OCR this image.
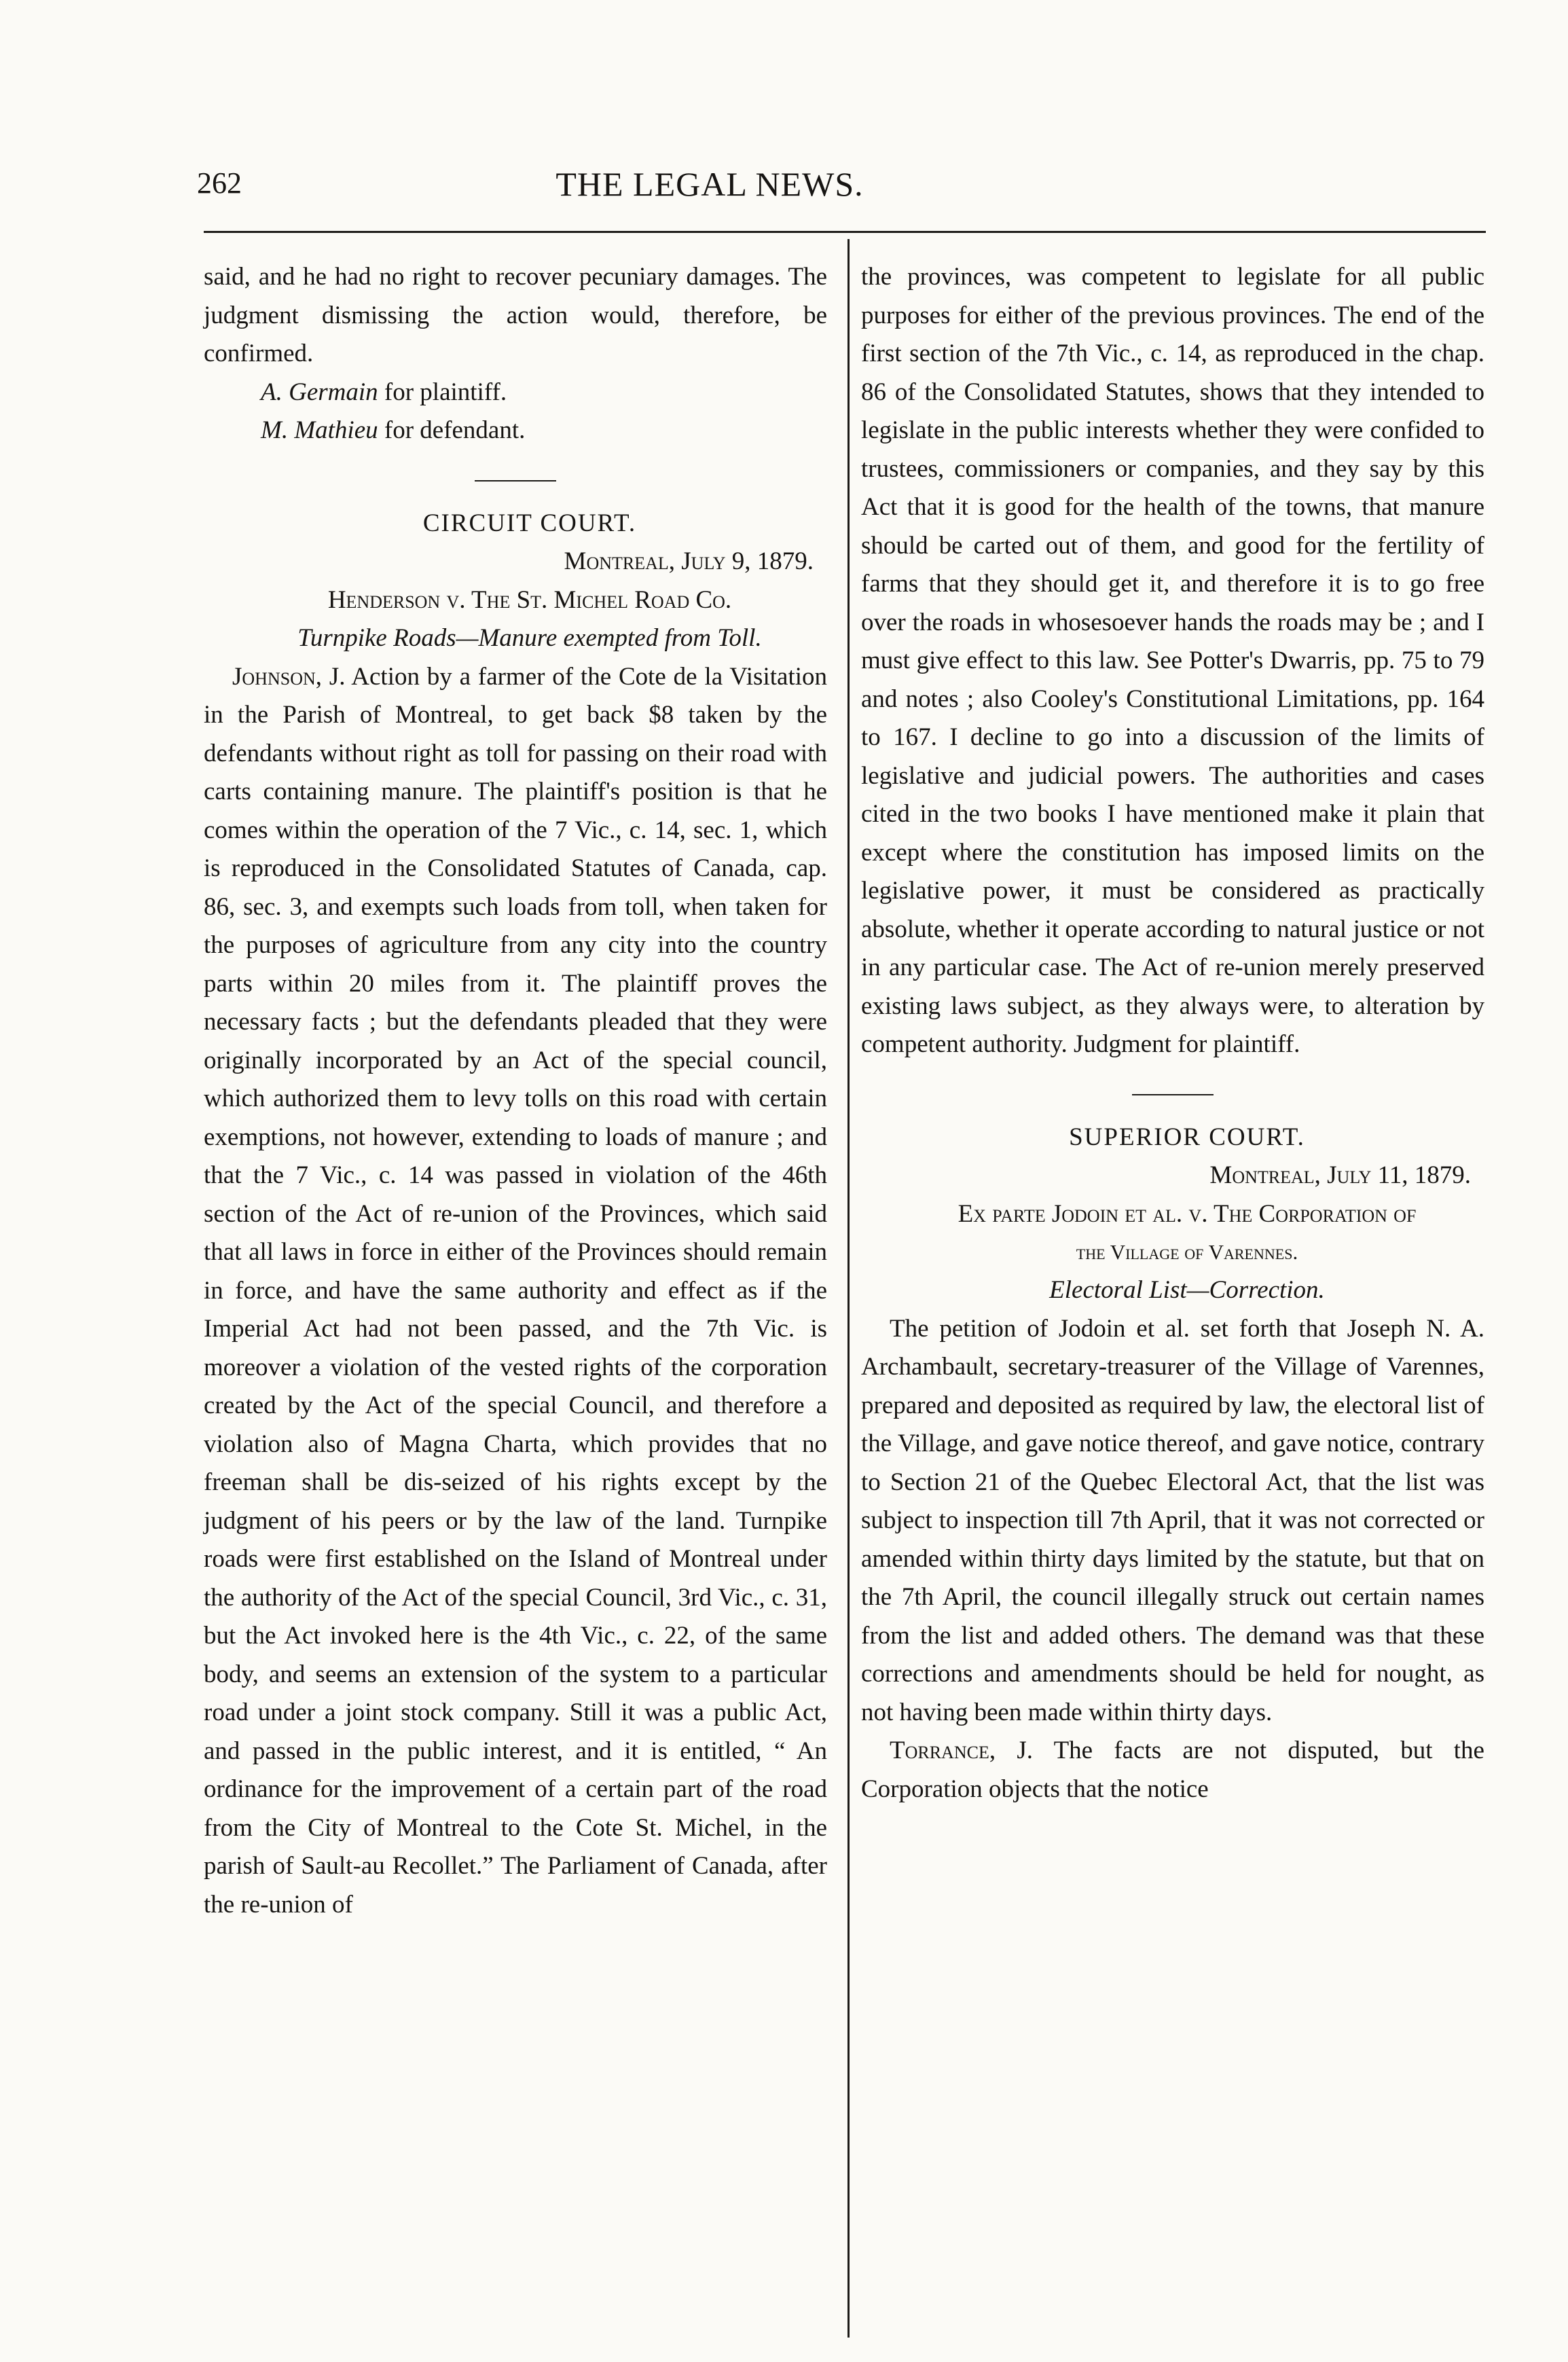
262	THE LEGAL NEWS.

said, and he had no right to recover pecuniary damages. The judgment dismissing the action would, therefore, be confirmed.

A. Germain for plaintiff.

M. Mathieu for defendant.

CIRCUIT COURT.

Montreal, July 9, 1879.

Henderson v. The St. Michel Road Co.

Turnpike Roads—Manure exempted from Toll.

Johnson, J. Action by a farmer of the Cote de la Visitation in the Parish of Montreal, to get back $8 taken by the defendants without right as toll for passing on their road with carts containing manure. The plaintiff's position is that he comes within the operation of the 7 Vic., c. 14, sec. 1, which is reproduced in the Consolidated Statutes of Canada, cap. 86, sec. 3, and exempts such loads from toll, when taken for the purposes of agriculture from any city into the country parts within 20 miles from it. The plaintiff proves the necessary facts ; but the defendants pleaded that they were originally incorporated by an Act of the special council, which authorized them to levy tolls on this road with certain exemptions, not however, extending to loads of manure ; and that the 7 Vic., c. 14 was passed in violation of the 46th section of the Act of re-union of the Provinces, which said that all laws in force in either of the Provinces should remain in force, and have the same authority and effect as if the Imperial Act had not been passed, and the 7th Vic. is moreover a violation of the vested rights of the corporation created by the Act of the special Council, and therefore a violation also of Magna Charta, which provides that no freeman shall be dis-seized of his rights except by the judgment of his peers or by the law of the land. Turnpike roads were first established on the Island of Montreal under the authority of the Act of the special Council, 3rd Vic., c. 31, but the Act invoked here is the 4th Vic., c. 22, of the same body, and seems an extension of the system to a particular road under a joint stock company. Still it was a public Act, and passed in the public interest, and it is entitled, “ An ordinance for the improvement of a certain part of the road from the City of Montreal to the Cote St. Michel, in the parish of Sault-au Recollet.” The Parliament of Canada, after the re-union of

the provinces, was competent to legislate for all public purposes for either of the previous provinces. The end of the first section of the 7th Vic., c. 14, as reproduced in the chap. 86 of the Consolidated Statutes, shows that they intended to legislate in the public interests whether they were confided to trustees, commissioners or companies, and they say by this Act that it is good for the health of the towns, that manure should be carted out of them, and good for the fertility of farms that they should get it, and therefore it is to go free over the roads in whosesoever hands the roads may be ; and I must give effect to this law. See Potter's Dwarris, pp. 75 to 79 and notes ; also Cooley's Constitutional Limitations, pp. 164 to 167. I decline to go into a discussion of the limits of legislative and judicial powers. The authorities and cases cited in the two books I have mentioned make it plain that except where the constitution has imposed limits on the legislative power, it must be considered as practically absolute, whether it operate according to natural justice or not in any particular case. The Act of re-union merely preserved existing laws subject, as they always were, to alteration by competent authority. Judgment for plaintiff.

SUPERIOR COURT.

Montreal, July 11, 1879.

Ex parte Jodoin et al. v. The Corporation of

the Village of Varennes.

Electoral List—Correction.

The petition of Jodoin et al. set forth that Joseph N. A. Archambault, secretary-treasurer of the Village of Varennes, prepared and deposited as required by law, the electoral list of the Village, and gave notice thereof, and gave notice, contrary to Section 21 of the Quebec Electoral Act, that the list was subject to inspection till 7th April, that it was not corrected or amended within thirty days limited by the statute, but that on the 7th April, the council illegally struck out certain names from the list and added others. The demand was that these corrections and amendments should be held for nought, as not having been made within thirty days.

Torrance, J. The facts are not disputed, but the Corporation objects that the notice
